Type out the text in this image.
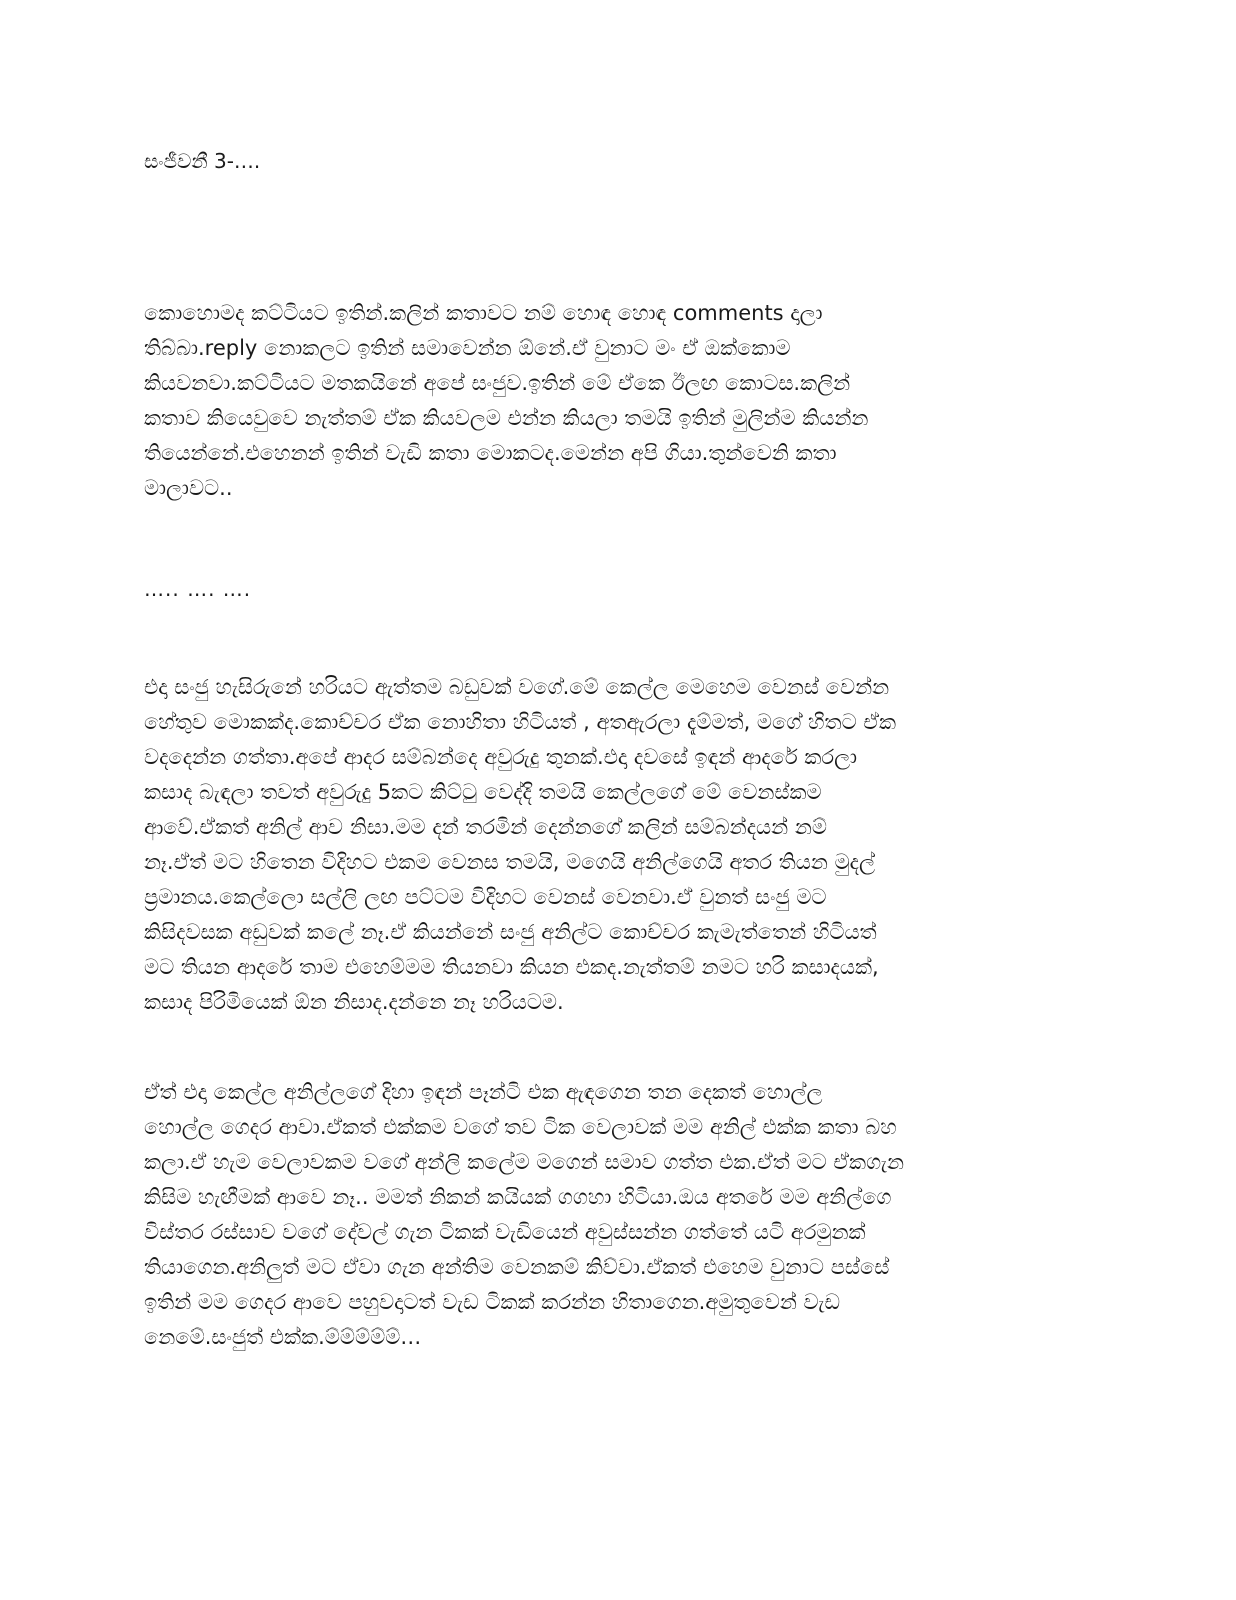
සංජීවනී 3-….

කොහොමද කට්ටියට ඉතින්.කලින් කතාවට නම් හොඳ හොඳ comments දාලා
තිබ්බා.reply නොකලට ඉතින් සමාවෙන්න ඕනේ.ඒ වුනාට මං ඒ ඔක්කොම
කියවනවා.කට්ටියට මතකයිනේ අපේ සංජුව.ඉතින් මේ ඒකෙ ඊලඟ කොටස.කලින්
කතාව කියෙවුවෙ නැත්තම් ඒක කියවලම එන්න කියලා තමයි ඉතින් මුලින්ම කියන්න
තියෙන්නේ.එහෙනන් ඉතින් වැඩි කතා මොකටද.මෙන්න අපි ගියා.තුන්වෙනි කතා
මාලාවට..

….. …. ….

එදා සංජු හැසිරුනේ හරියට ඇත්තම බඩුවක් වගේ.මේ කෙල්ල මෙහෙම වෙනස් වෙන්න
හේතුව මොකක්ද.කොච්චර ඒක නොහිතා හිටියත් , අතඇරලා දැම්මත්, මගේ හිතට ඒක
වදදෙන්න ගත්තා.අපේ ආදර සම්බන්දෙ අවුරුදු තුනක්.එදා දවසේ ඉඳන් ආදරේ කරලා
කසාද බැඳලා තවත් අවුරුදු 5කට කිට්ටු වෙද්දි තමයි කෙල්ලගේ මේ වෙනස්කම
ආවේ.ඒකත් අනිල් ආව නිසා.මම දන් තරමින් දෙන්නගේ කලින් සම්බන්දයන් නම්
නෑ.ඒත් මට හිතෙන විදිහට එකම වෙනස තමයි, මගෙයි අනිල්ගෙයි අතර තියන මුදල්
ප්‍රමානය.කෙල්ලො සල්ලි ලඟ පට්ටම විදිහට වෙනස් වෙනවා.ඒ වුනත් සංජු මට
කිසිදවසක අඩුවක් කලේ නෑ.ඒ කියන්නේ සංජු අනිල්ට කොච්චර කැමැත්තෙන් හිටියත්
මට තියන ආදරේ තාම එහෙම්මම තියනවා කියන එකද.නැත්තම් නමට හරි කසාදයක්,
කසාද පිරිමියෙක් ඕන නිසාද.දන්නෙ නෑ හරියටම.

ඒත් එදා කෙල්ල අනිල්ලගේ දිහා ඉඳන් පෑන්ටි එක ඇඳගෙන තන දෙකත් හොල්ල
හොල්ල ගෙදර ආවා.ඒකත් එක්කම වගේ තව ටික වෙලාවක් මම අනිල් එක්ක කතා බහ
කලා.ඒ හැම වෙලාවකම වගේ අන්ලි කලේම මගෙන් සමාව ගත්ත එක.ඒත් මට ඒකගැන
කිසිම හැඟීමක් ආවෙ නෑ.. මමත් නිකන් කයියක් ගගහා හිටියා.ඔය අතරේ මම අනිල්ගෙ
විස්තර රස්සාව වගේ දේවල් ගැන ටිකක් වැඩියෙන් අවුස්සන්න ගත්තේ යටි අරමුනක්
තියාගෙන.අනිලුත් මට ඒවා ගැන අන්තිම වෙනකම් කිව්වා.ඒකත් එහෙම වුනාට පස්සේ
ඉතින් මම ගෙදර ආවෙ පහුවදාටත් වැඩ ටිකක් කරන්න හිතාගෙන.අමුතුවෙන් වැඩ
නෙමේ.සංජුත් එක්ක.ම්ම්ම්ම්ම්…
